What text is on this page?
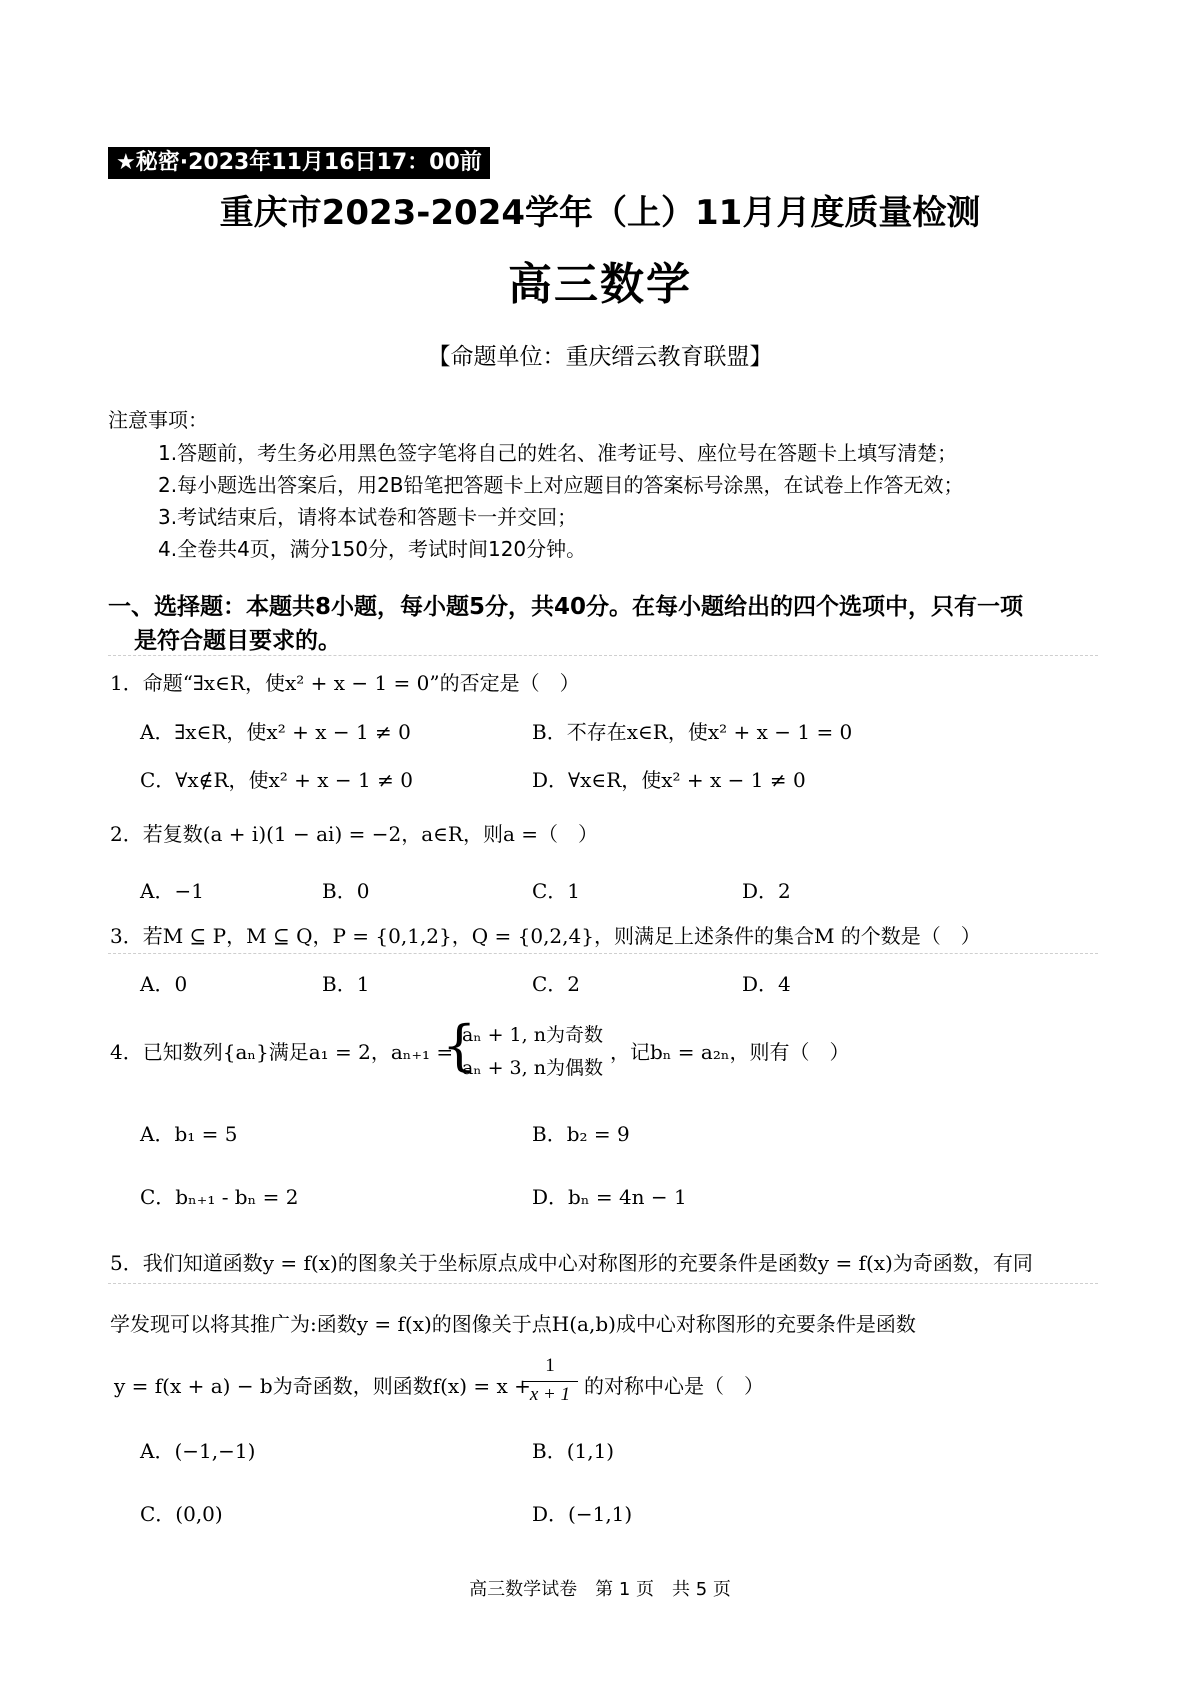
★秘密·2023年11月16日17：00前
重庆市2023-2024学年（上）11月月度质量检测
高三数学
【命题单位：重庆缙云教育联盟】
注意事项：
1.答题前，考生务必用黑色签字笔将自己的姓名、准考证号、座位号在答题卡上填写清楚；
2.每小题选出答案后，用2B铅笔把答题卡上对应题目的答案标号涂黑，在试卷上作答无效；
3.考试结束后，请将本试卷和答题卡一并交回；
4.全卷共4页，满分150分，考试时间120分钟。
一、选择题：本题共8小题，每小题5分，共40分。在每小题给出的四个选项中，只有一项
是符合题目要求的。
1．命题“∃x∈R，使x² + x − 1 = 0”的否定是（　）
A．∃x∈R，使x² + x − 1 ≠ 0	B．不存在x∈R，使x² + x − 1 = 0
C．∀x∉R，使x² + x − 1 ≠ 0	D．∀x∈R，使x² + x − 1 ≠ 0
2．若复数(a + i)(1 − ai) = −2，a∈R，则a =（　）
A．−1	B．0	C．1	D．2
3．若M ⊆ P，M ⊆ Q，P = {0,1,2}，Q = {0,2,4}，则满足上述条件的集合M 的个数是（　）
A．0	B．1	C．2	D．4
4．已知数列{aₙ}满足a₁ = 2，aₙ₊₁ =
{
aₙ + 1, n为奇数
aₙ + 3, n为偶数
，记bₙ = a₂ₙ，则有（　）
A．b₁ = 5	B．b₂ = 9
C．bₙ₊₁ - bₙ = 2	D．bₙ = 4n − 1
5．我们知道函数y = f(x)的图象关于坐标原点成中心对称图形的充要条件是函数y = f(x)为奇函数，有同
学发现可以将其推广为:函数y = f(x)的图像关于点H(a,b)成中心对称图形的充要条件是函数
y = f(x + a) − b为奇函数，则函数f(x) = x +
1
x + 1 的对称中心是（　）
A．(−1,−1)	B．(1,1)
C．(0,0)	D．(−1,1)
高三数学试卷　第 1 页　共 5 页
